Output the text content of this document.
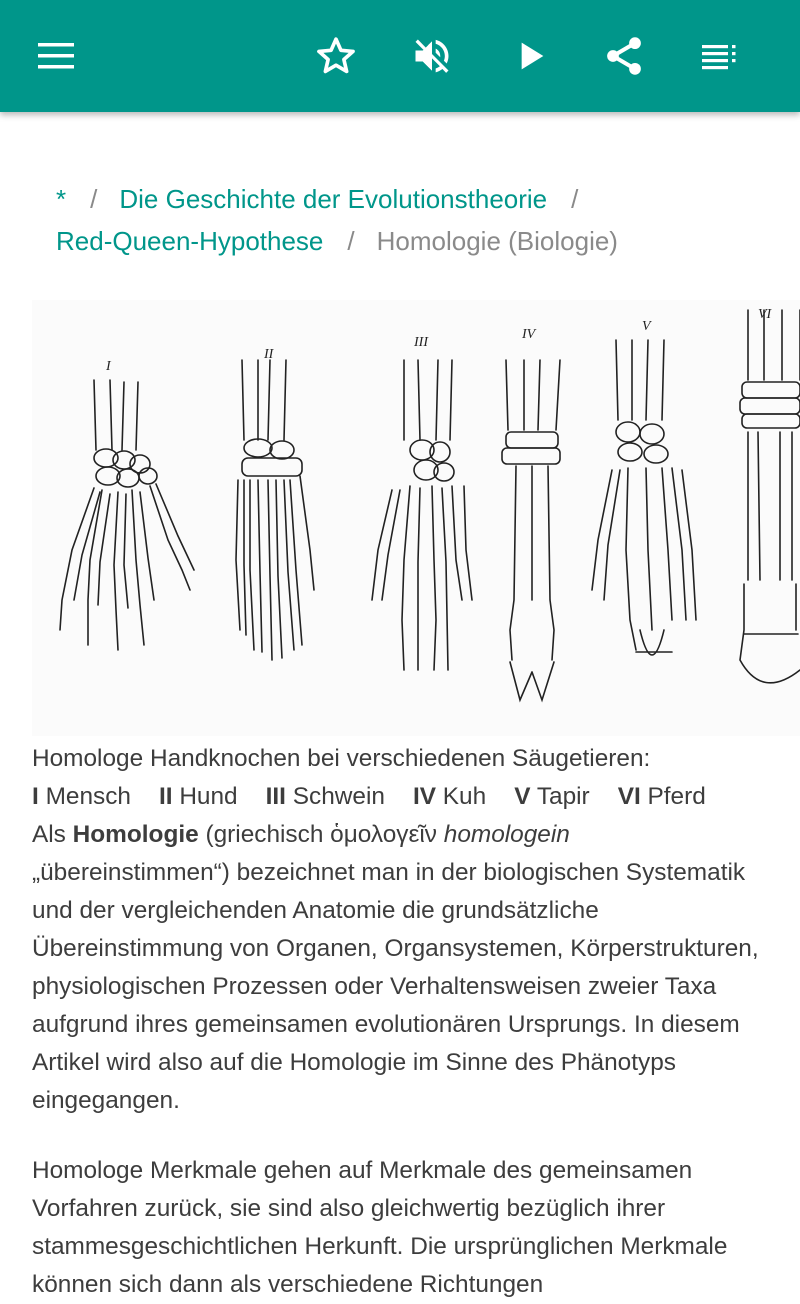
* / Die Geschichte der Evolutionstheorie /
Red-Queen-Hypothese / Homologie (Biologie)
I
II
III
IV
V
VI

Homologe Handknochen bei verschiedenen Säugetieren:
I Mensch II Hund III Schwein IV Kuh V Tapir VI Pferd

Als Homologie (griechisch ὁμολογεῖν homologein
„übereinstimmen“) bezeichnet man in der biologischen Systematik und der vergleichenden Anatomie die grundsätzliche Übereinstimmung von Organen, Organsystemen, Körperstrukturen, physiologischen Prozessen oder Verhaltensweisen zweier Taxa aufgrund ihres gemeinsamen evolutionären Ursprungs. In diesem Artikel wird also auf die Homologie im Sinne des Phänotyps eingegangen.

Homologe Merkmale gehen auf Merkmale des gemeinsamen Vorfahren zurück, sie sind also gleichwertig bezüglich ihrer stammesgeschichtlichen Herkunft. Die ursprünglichen Merkmale können sich dann als verschiedene Richtungen
